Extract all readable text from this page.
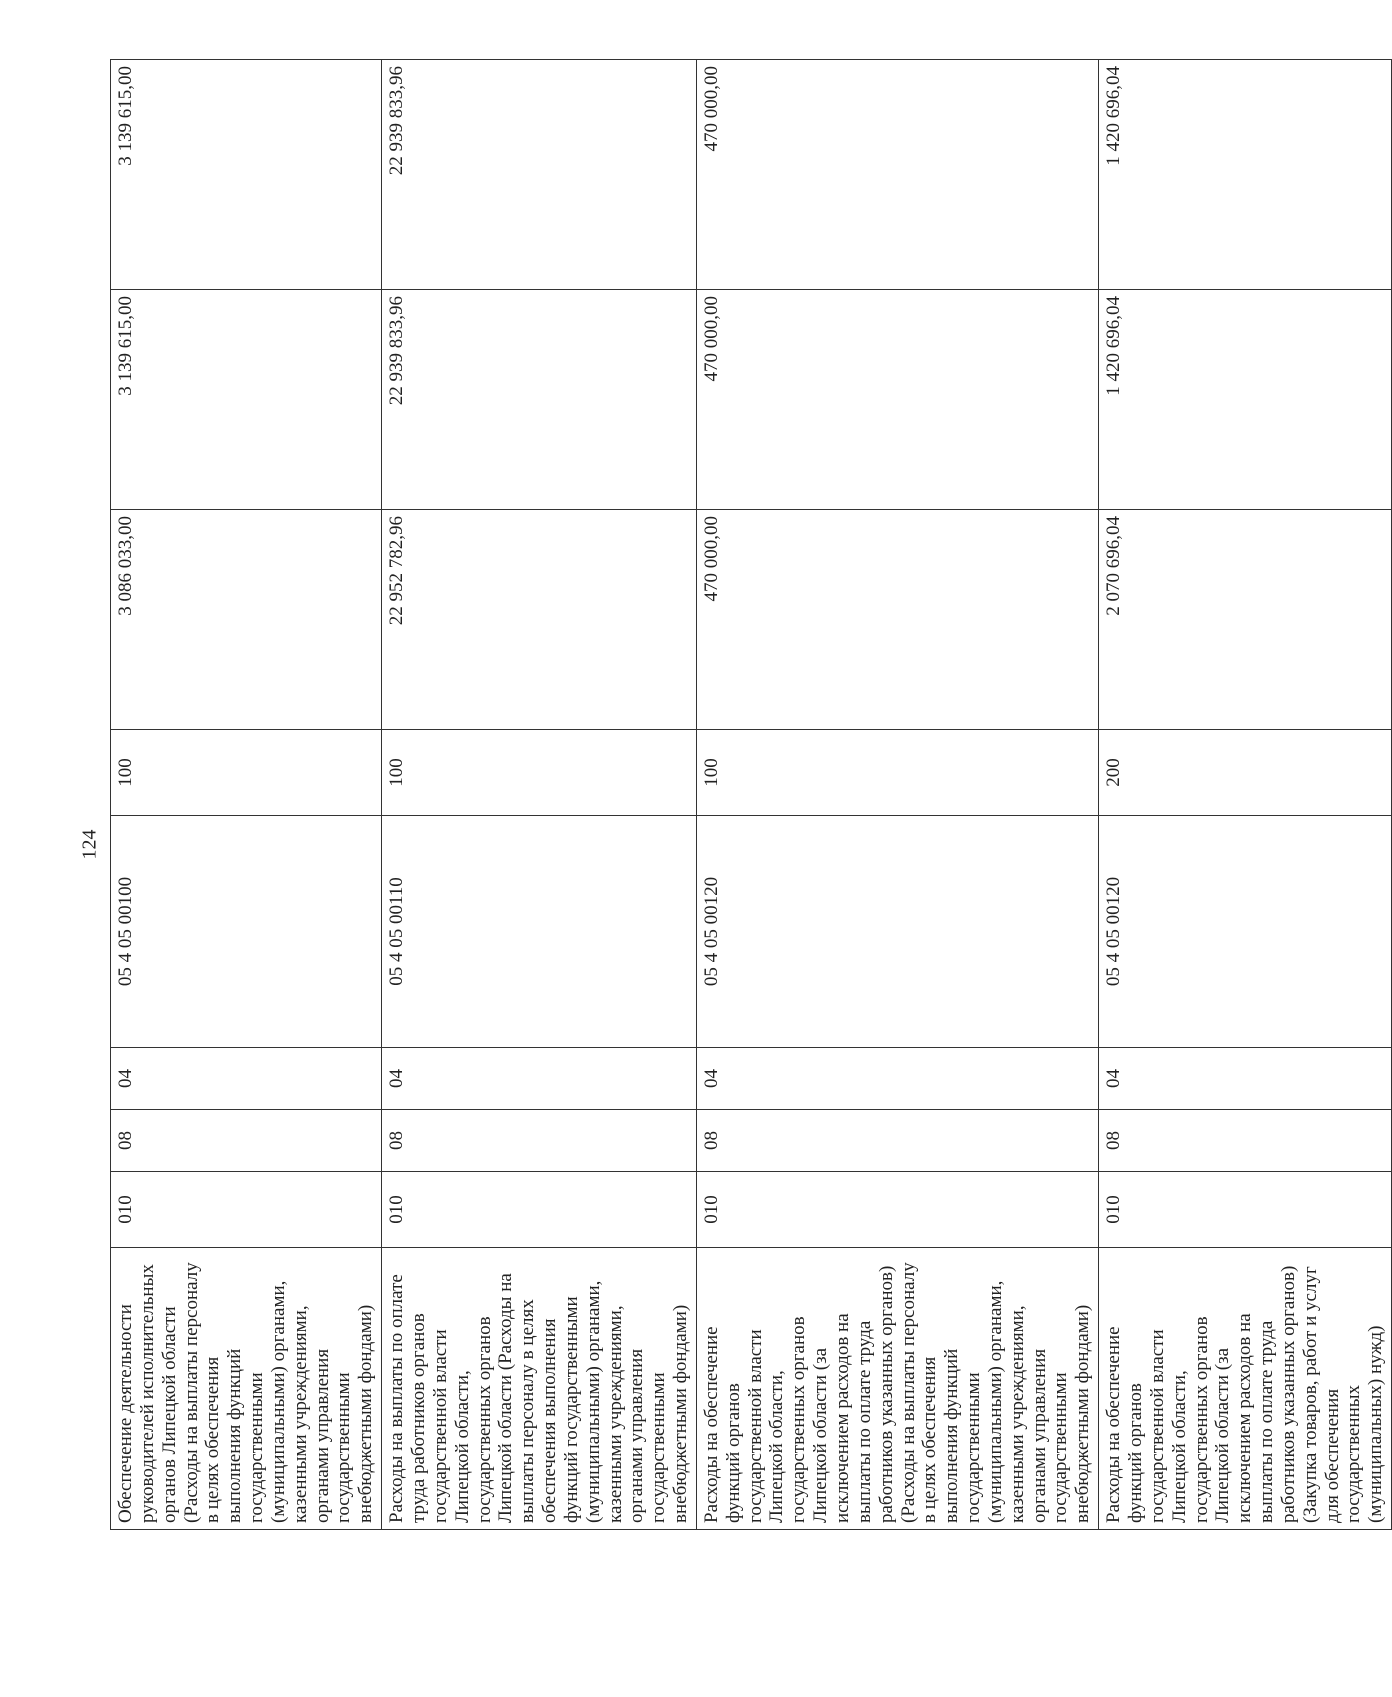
124
Обеспечение деятельности руководителей исполнительных органов Липецкой области (Расходы на выплаты персоналу в целях обеспечения выполнения функций государственными (муниципальными) органами, казенными учреждениями, органами управления государственными внебюджетными фондами)	010	08	04	05 4 05 00100	100	3 086 033,00	3 139 615,00	3 139 615,00
Расходы на выплаты по оплате труда работников органов государственной власти Липецкой области, государственных органов Липецкой области (Расходы на выплаты персоналу в целях обеспечения выполнения функций государственными (муниципальными) органами, казенными учреждениями, органами управления государственными внебюджетными фондами)	010	08	04	05 4 05 00110	100	22 952 782,96	22 939 833,96	22 939 833,96
Расходы на обеспечение функций органов государственной власти Липецкой области, государственных органов Липецкой области (за исключением расходов на выплаты по оплате труда работников указанных органов) (Расходы на выплаты персоналу в целях обеспечения выполнения функций государственными (муниципальными) органами, казенными учреждениями, органами управления государственными внебюджетными фондами)	010	08	04	05 4 05 00120	100	470 000,00	470 000,00	470 000,00
Расходы на обеспечение функций органов государственной власти Липецкой области, государственных органов Липецкой области (за исключением расходов на выплаты по оплате труда работников указанных органов) (Закупка товаров, работ и услуг для обеспечения государственных (муниципальных) нужд)	010	08	04	05 4 05 00120	200	2 070 696,04	1 420 696,04	1 420 696,04
